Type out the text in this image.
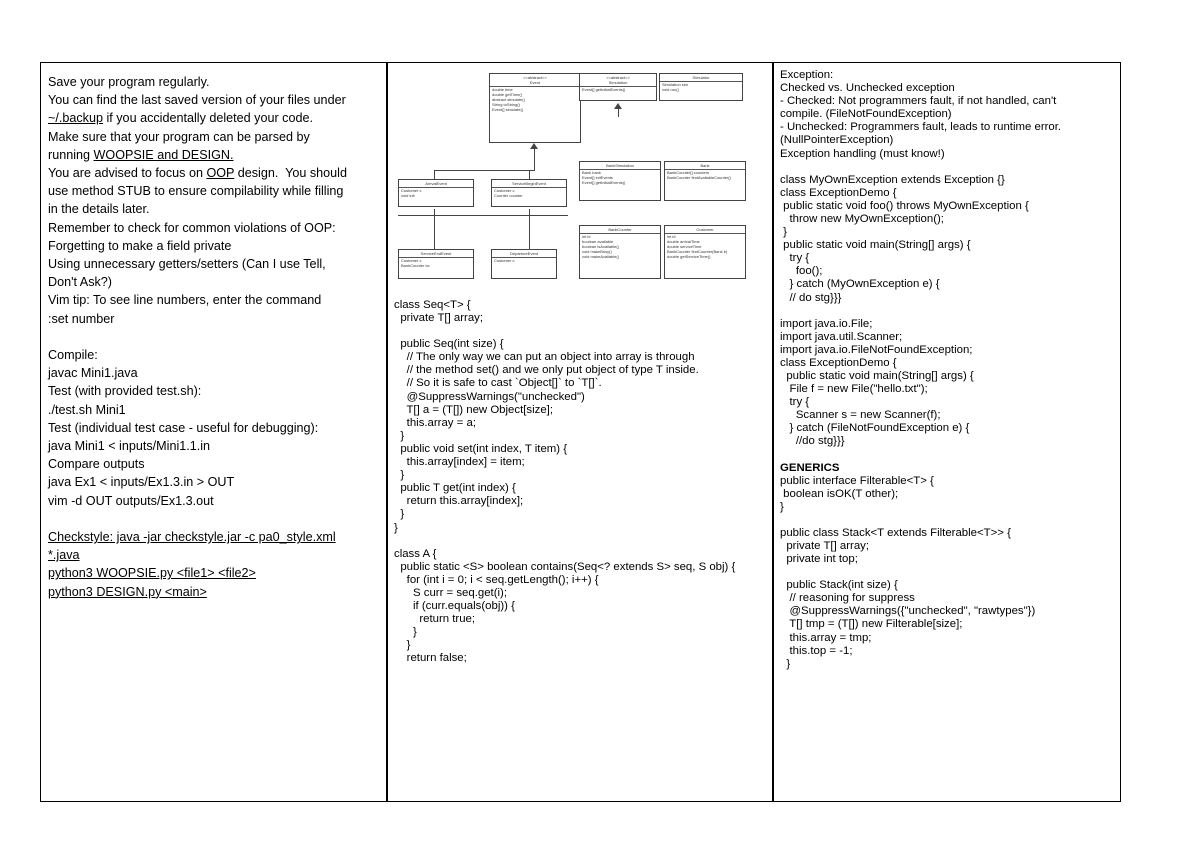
Save your program regularly.
You can find the last saved version of your files under
~/.backup if you accidentally deleted your code.
Make sure that your program can be parsed by
running WOOPSIE and DESIGN.
You are advised to focus on OOP design.  You should
use method STUB to ensure compilability while filling
in the details later.
Remember to check for common violations of OOP:
Forgetting to make a field private
Using unnecessary getters/setters (Can I use Tell,
Don't Ask?)
Vim tip: To see line numbers, enter the command
:set number
Compile:
javac Mini1.java
Test (with provided test.sh):
./test.sh Mini1
Test (individual test case - useful for debugging):
java Mini1 < inputs/Mini1.1.in
Compare outputs
java Ex1 < inputs/Ex1.3.in > OUT
vim -d OUT outputs/Ex1.3.out
Checkstyle: java -jar checkstyle.jar -c pa0_style.xml
*.java
python3 WOOPSIE.py <file1> <file2>
python3 DESIGN.py <main>
<<abstract>>
Event
double time
double getTime()
abstract simulate()
String toString()
Event[] simulate()
<<abstract>>
Simulation
Event[] getInitialEvents()
Simulator
Simulation sim
void run()
ArrivalEvent
Customer c
void init
ServiceBeginEvent
Customer c
Counter counter
BankSimulation
Bank bank
Event[] initEvents
Event[] getInitialEvents()
Bank
BankCounter[] counters
BankCounter findAvailableCounter()
ServiceEndEvent
Customer c
BankCounter bc
DepartureEvent
Customer c
BankCounter
int id
boolean available
boolean isAvailable()
void makeBusy()
void makeAvailable()
Customer
int id
double arrivalTime
double serviceTime
BankCounter findCounter(Bank b)
double getServiceTime()
class Seq<T> {
private T[] array;
public Seq(int size) {
// The only way we can put an object into array is through
// the method set() and we only put object of type T inside.
// So it is safe to cast `Object[]` to `T[]`.
@SuppressWarnings("unchecked")
T[] a = (T[]) new Object[size];
this.array = a;
}
public void set(int index, T item) {
this.array[index] = item;
}
public T get(int index) {
return this.array[index];
}
}
class A {
public static <S> boolean contains(Seq<? extends S> seq, S obj) {
for (int i = 0; i < seq.getLength(); i++) {
S curr = seq.get(i);
if (curr.equals(obj)) {
return true;
}
}
return false;
Exception:
Checked vs. Unchecked exception
- Checked: Not programmers fault, if not handled, can't
compile. (FileNotFoundException)
- Unchecked: Programmers fault, leads to runtime error.
(NullPointerException)
Exception handling (must know!)
class MyOwnException extends Exception {}
class ExceptionDemo {
public static void foo() throws MyOwnException {
throw new MyOwnException();
}
public static void main(String[] args) {
try {
foo();
} catch (MyOwnException e) {
// do stg}}}
import java.io.File;
import java.util.Scanner;
import java.io.FileNotFoundException;
class ExceptionDemo {
public static void main(String[] args) {
File f = new File("hello.txt");
try {
Scanner s = new Scanner(f);
} catch (FileNotFoundException e) {
//do stg}}}
GENERICS
public interface Filterable<T> {
boolean isOK(T other);
}
public class Stack<T extends Filterable<T>> {
private T[] array;
private int top;
public Stack(int size) {
// reasoning for suppress
@SuppressWarnings({"unchecked", "rawtypes"})
T[] tmp = (T[]) new Filterable[size];
this.array = tmp;
this.top = -1;
}
